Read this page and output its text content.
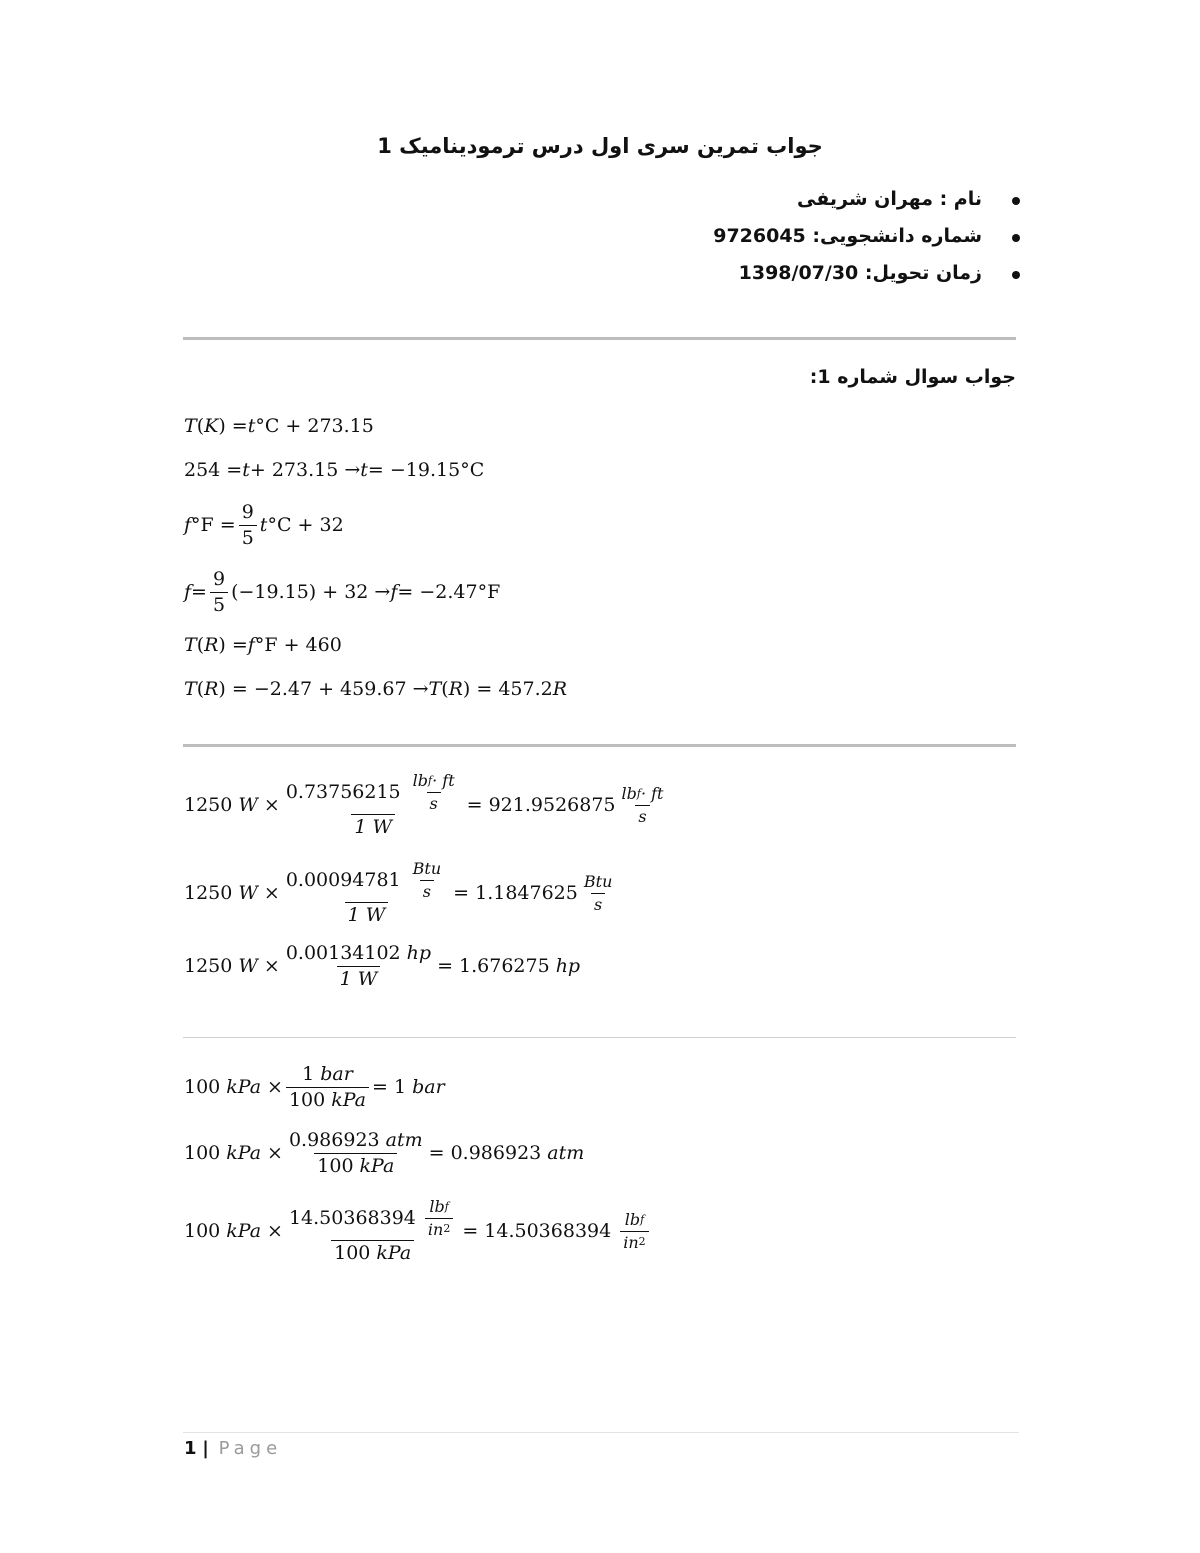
جواب تمرین سری اول درس ترمودینامیک 1
نام : مهران شریفی
شماره دانشجویی: 9726045
زمان تحویل: 1398/07/30
جواب سوال شماره 1:
T ( K ) = t °C + 273.15
254 = t + 273.15 → t = −19.15°C
f $^\circ F = \frac{9}{5}$ t °C + 32
$f = \frac{9}{5} (-19.15) + 32 \to f = -2.47^\circ F$
T ( R ) = f °F + 460
T ( R ) = −2.47 + 459.67 → T ( R ) = 457.2 R
1250 $W \times \frac{0.73756215 \frac{\text{lb f · ft}}{s}}{1 W} = 921.9526875 \frac{\text{lb f · ft}}{s}$
1250 $W \times \frac{0.00094781 \frac{\text{Btu}}{s}}{1 W} = 1.1847625 \frac{\text{Btu}}{s}$
1250 $W \times \frac{0.00134102 hp}{1 W} = 1.676275$ hp
100 kPa × $\frac{\text{1 bar}}{\text{100 kPa}} = 1$ bar
100 kPa × $\frac{\text{0.986923 atm}}{\text{100 kPa}} = 0.986923$ atm
100 kPa × $\frac{14.50368394 \frac{\text{lb f}}{in 2}}{\text{100 kPa}} = 14.50368394 \frac{\text{lb f}}{in 2}$
1 | Page
